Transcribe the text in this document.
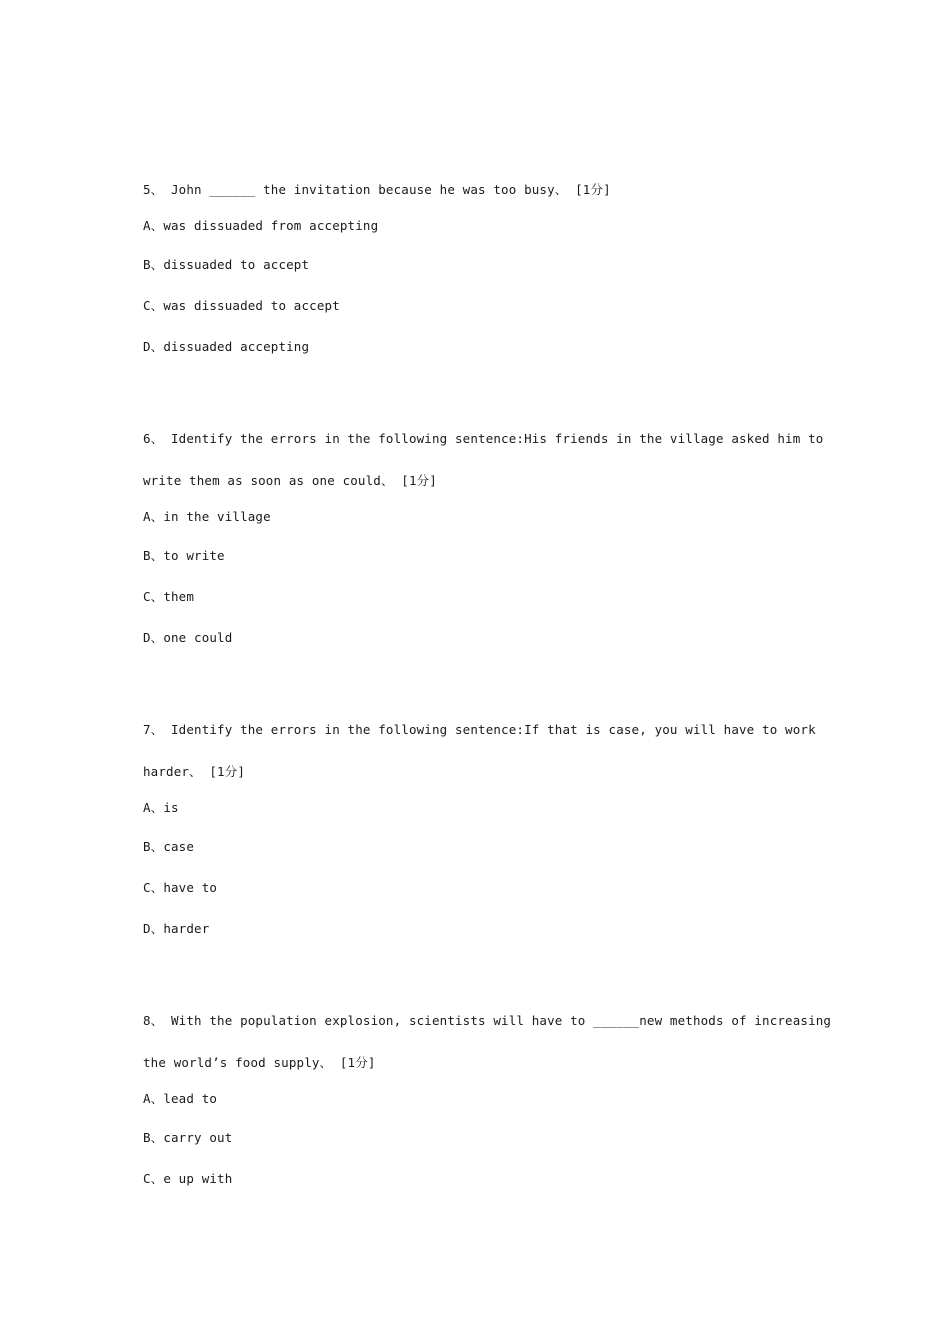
5、 John ______ the invitation because he was too busy、 [1分]
A、was dissuaded from accepting
B、dissuaded to accept
C、was dissuaded to accept
D、dissuaded accepting
6、 Identify the errors in the following sentence:His friends in the village asked him to
write them as soon as one could、 [1分]
A、in the village
B、to write
C、them
D、one could
7、 Identify the errors in the following sentence:If that is case, you will have to work
harder、 [1分]
A、is
B、case
C、have to
D、harder
8、 With the population explosion, scientists will have to ______new methods of increasing
the world’s food supply、 [1分]
A、lead to
B、carry out
C、e up with
